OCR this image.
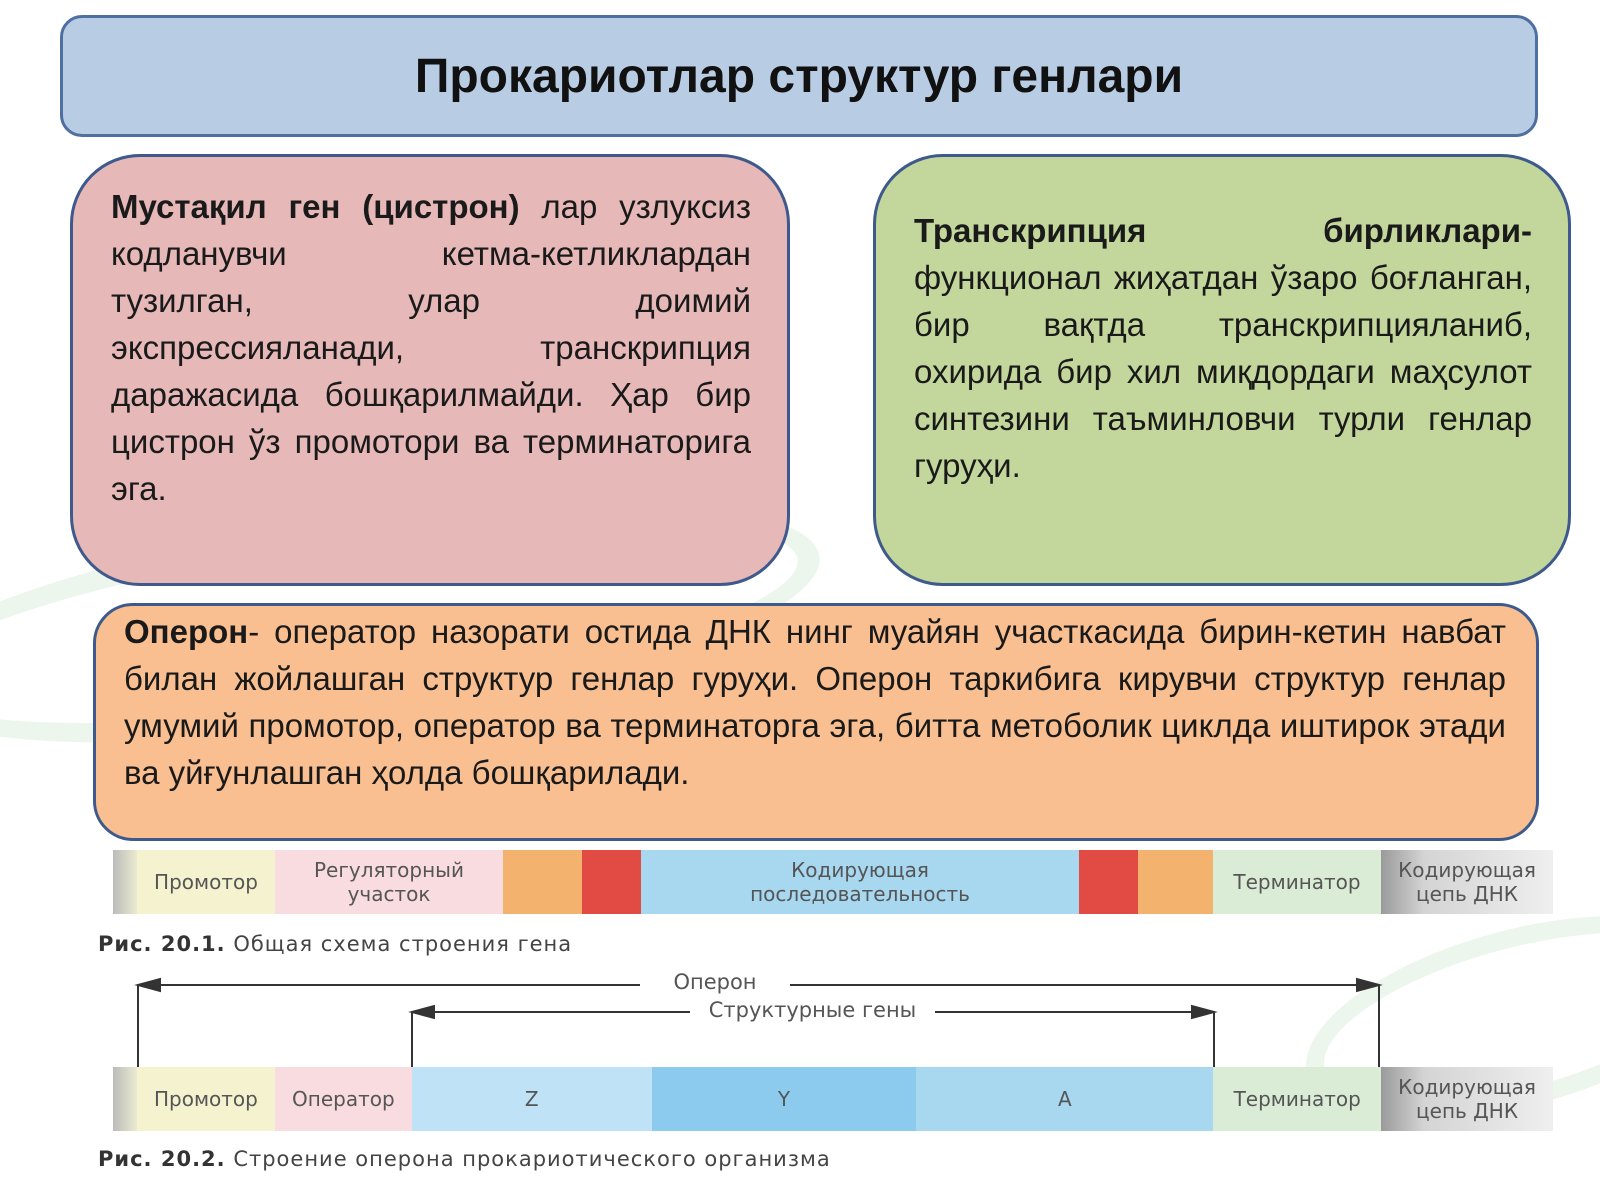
Прокариотлар структур генлари
Мустақил ген (цистрон) лар узлуксиз кодланувчи кетма-кетликлардан тузилган, улар доимий экспрессияланади, транскрипция даражасида бошқарилмайди. Ҳар бир цистрон ўз промотори ва терминаторига эга.
Транскрипция бирликлари- функционал жиҳатдан ўзаро боғланган, бир вақтда транскрипцияланиб, охирида бир хил миқдордаги маҳсулот синтезини таъминловчи турли генлар гуруҳи.
Оперон- оператор назорати остида ДНК нинг муайян участкасида бирин-кетин навбат билан жойлашган структур генлар гуруҳи. Оперон таркибига кирувчи структур генлар умумий промотор, оператор ва терминаторга эга, битта метоболик циклда иштирок этади ва уйғунлашган ҳолда бошқарилади.
Промотор	Регуляторный участок
Кодирующая последовательность	Терминатор	Кодирующая цепь ДНК
Рис. 20.1. Общая схема строения гена
Оперон
Структурные гены
Промотор	Оператор	Z	Y	A	Терминатор	Кодирующая цепь ДНК
Рис. 20.2. Строение оперона прокариотического организма
